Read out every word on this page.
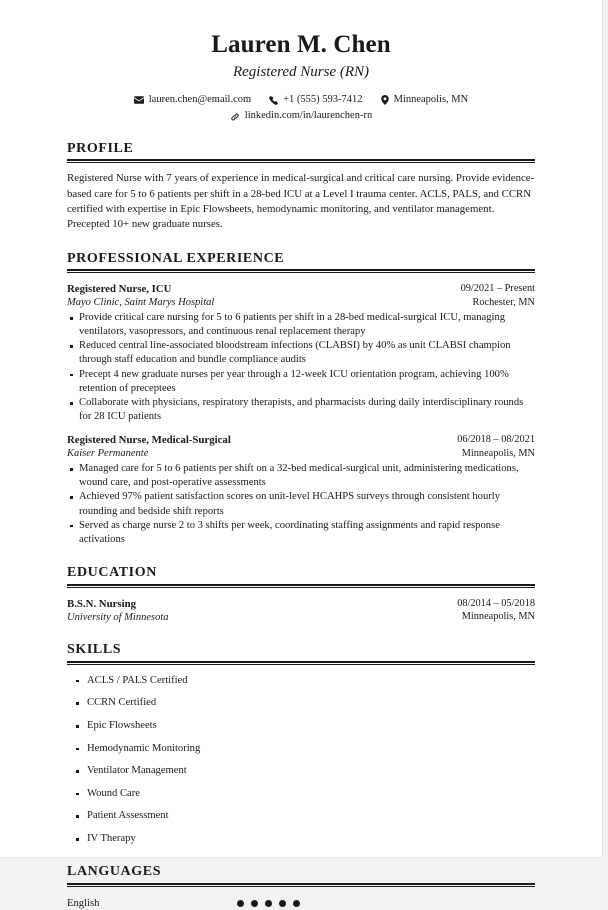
Lauren M. Chen
Registered Nurse (RN)
lauren.chen@email.com	+1 (555) 593-7412	Minneapolis, MN
linkedin.com/in/laurenchen-rn
PROFILE
Registered Nurse with 7 years of experience in medical-surgical and critical care nursing. Provide evidence-based care for 5 to 6 patients per shift in a 28-bed ICU at a Level I trauma center. ACLS, PALS, and CCRN certified with expertise in Epic Flowsheets, hemodynamic monitoring, and ventilator management. Precepted 10+ new graduate nurses.
PROFESSIONAL EXPERIENCE
Registered Nurse, ICU
Mayo Clinic, Saint Marys Hospital
09/2021 – Present
Rochester, MN
Provide critical care nursing for 5 to 6 patients per shift in a 28-bed medical-surgical ICU, managing ventilators, vasopressors, and continuous renal replacement therapy
Reduced central line-associated bloodstream infections (CLABSI) by 40% as unit CLABSI champion through staff education and bundle compliance audits
Precept 4 new graduate nurses per year through a 12-week ICU orientation program, achieving 100% retention of preceptees
Collaborate with physicians, respiratory therapists, and pharmacists during daily interdisciplinary rounds for 28 ICU patients
Registered Nurse, Medical-Surgical
Kaiser Permanente
06/2018 – 08/2021
Minneapolis, MN
Managed care for 5 to 6 patients per shift on a 32-bed medical-surgical unit, administering medications, wound care, and post-operative assessments
Achieved 97% patient satisfaction scores on unit-level HCAHPS surveys through consistent hourly rounding and bedside shift reports
Served as charge nurse 2 to 3 shifts per week, coordinating staffing assignments and rapid response activations
EDUCATION
B.S.N. Nursing
University of Minnesota
08/2014 – 05/2018
Minneapolis, MN
SKILLS
ACLS / PALS Certified
CCRN Certified
Epic Flowsheets
Hemodynamic Monitoring
Ventilator Management
Wound Care
Patient Assessment
IV Therapy
LANGUAGES
English
